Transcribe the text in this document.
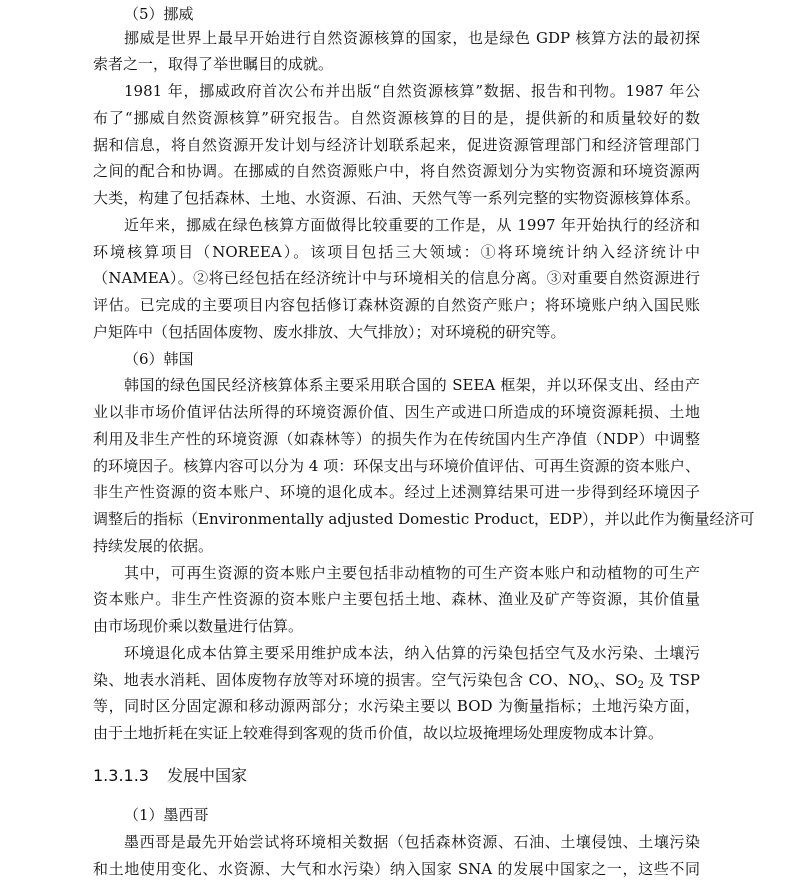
（5）挪威
挪威是世界上最早开始进行自然资源核算的国家，也是绿色 GDP 核算方法的最初探
索者之一，取得了举世瞩目的成就。
1981 年，挪威政府首次公布并出版“自然资源核算”数据、报告和刊物。1987 年公
布了“挪威自然资源核算”研究报告。自然资源核算的目的是，提供新的和质量较好的数
据和信息，将自然资源开发计划与经济计划联系起来，促进资源管理部门和经济管理部门
之间的配合和协调。在挪威的自然资源账户中，将自然资源划分为实物资源和环境资源两
大类，构建了包括森林、土地、水资源、石油、天然气等一系列完整的实物资源核算体系。
近年来，挪威在绿色核算方面做得比较重要的工作是，从 1997 年开始执行的经济和
环境核算项目（NOREEA）。该项目包括三大领域：①将环境统计纳入经济统计中
（NAMEA）。②将已经包括在经济统计中与环境相关的信息分离。③对重要自然资源进行
评估。已完成的主要项目内容包括修订森林资源的自然资产账户；将环境账户纳入国民账
户矩阵中（包括固体废物、废水排放、大气排放）；对环境税的研究等。
（6）韩国
韩国的绿色国民经济核算体系主要采用联合国的 SEEA 框架，并以环保支出、经由产
业以非市场价值评估法所得的环境资源价值、因生产或进口所造成的环境资源耗损、土地
利用及非生产性的环境资源（如森林等）的损失作为在传统国内生产净值（NDP）中调整
的环境因子。核算内容可以分为 4 项：环保支出与环境价值评估、可再生资源的资本账户、
非生产性资源的资本账户、环境的退化成本。经过上述测算结果可进一步得到经环境因子
调整后的指标（Environmentally adjusted Domestic Product，EDP），并以此作为衡量经济可
持续发展的依据。
其中，可再生资源的资本账户主要包括非动植物的可生产资本账户和动植物的可生产
资本账户。非生产性资源的资本账户主要包括土地、森林、渔业及矿产等资源，其价值量
由市场现价乘以数量进行估算。
环境退化成本估算主要采用维护成本法，纳入估算的污染包括空气及水污染、土壤污
染、地表水消耗、固体废物存放等对环境的损害。空气污染包含 CO、$NO_x$、$SO_2$ 及 TSP
等，同时区分固定源和移动源两部分；水污染主要以 BOD 为衡量指标；土地污染方面，
由于土地折耗在实证上较难得到客观的货币价值，故以垃圾掩埋场处理废物成本计算。
1.3.1.3 发展中国家
（1）墨西哥
墨西哥是最先开始尝试将环境相关数据（包括森林资源、石油、土壤侵蚀、土壤污染
和土地使用变化、水资源、大气和水污染）纳入国家 SNA 的发展中国家之一，这些不同
